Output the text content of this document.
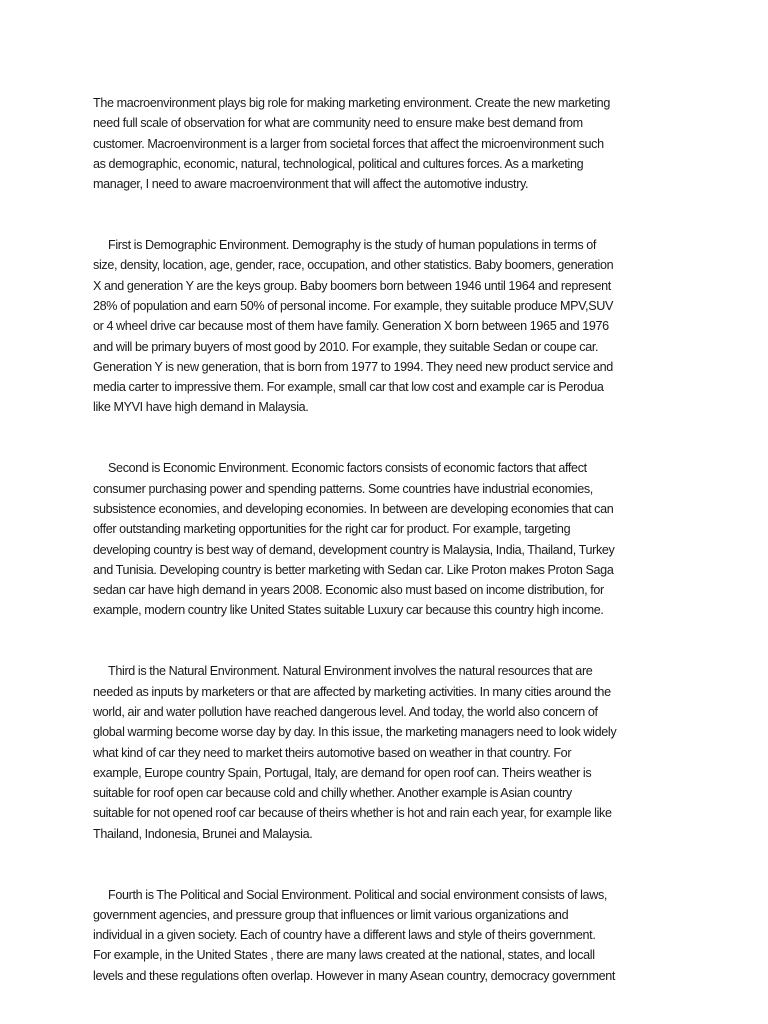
The macroenvironment plays big role for making marketing environment. Create the new marketing
need full scale of observation for what are community need to ensure make best demand from
customer. Macroenvironment is a larger from societal forces that affect the microenvironment such
as demographic, economic, natural, technological, political and cultures forces. As a marketing
manager, I need to aware macroenvironment that will affect the automotive industry.

First is Demographic Environment. Demography is the study of human populations in terms of
size, density, location, age, gender, race, occupation, and other statistics. Baby boomers, generation
X and generation Y are the keys group. Baby boomers born between 1946 until 1964 and represent
28% of population and earn 50% of personal income. For example, they suitable produce MPV,SUV
or 4 wheel drive car because most of them have family. Generation X born between 1965 and 1976
and will be primary buyers of most good by 2010. For example, they suitable Sedan or coupe car.
Generation Y is new generation, that is born from 1977 to 1994. They need new product service and
media carter to impressive them. For example, small car that low cost and example car is Perodua
like MYVI have high demand in Malaysia.

Second is Economic Environment. Economic factors consists of economic factors that affect
consumer purchasing power and spending patterns. Some countries have industrial economies,
subsistence economies, and developing economies. In between are developing economies that can
offer outstanding marketing opportunities for the right car for product. For example, targeting
developing country is best way of demand, development country is Malaysia, India, Thailand, Turkey
and Tunisia. Developing country is better marketing with Sedan car. Like Proton makes Proton Saga
sedan car have high demand in years 2008. Economic also must based on income distribution, for
example, modern country like United States suitable Luxury car because this country high income.

Third is the Natural Environment. Natural Environment involves the natural resources that are
needed as inputs by marketers or that are affected by marketing activities. In many cities around the
world, air and water pollution have reached dangerous level. And today, the world also concern of
global warming become worse day by day. In this issue, the marketing managers need to look widely
what kind of car they need to market theirs automotive based on weather in that country. For
example, Europe country Spain, Portugal, Italy, are demand for open roof can. Theirs weather is
suitable for roof open car because cold and chilly whether. Another example is Asian country
suitable for not opened roof car because of theirs whether is hot and rain each year, for example like
Thailand, Indonesia, Brunei and Malaysia.

Fourth is The Political and Social Environment. Political and social environment consists of laws,
government agencies, and pressure group that influences or limit various organizations and
individual in a given society. Each of country have a different laws and style of theirs government.
For example, in the United States , there are many laws created at the national, states, and locall
levels and these regulations often overlap. However in many Asean country, democracy government
